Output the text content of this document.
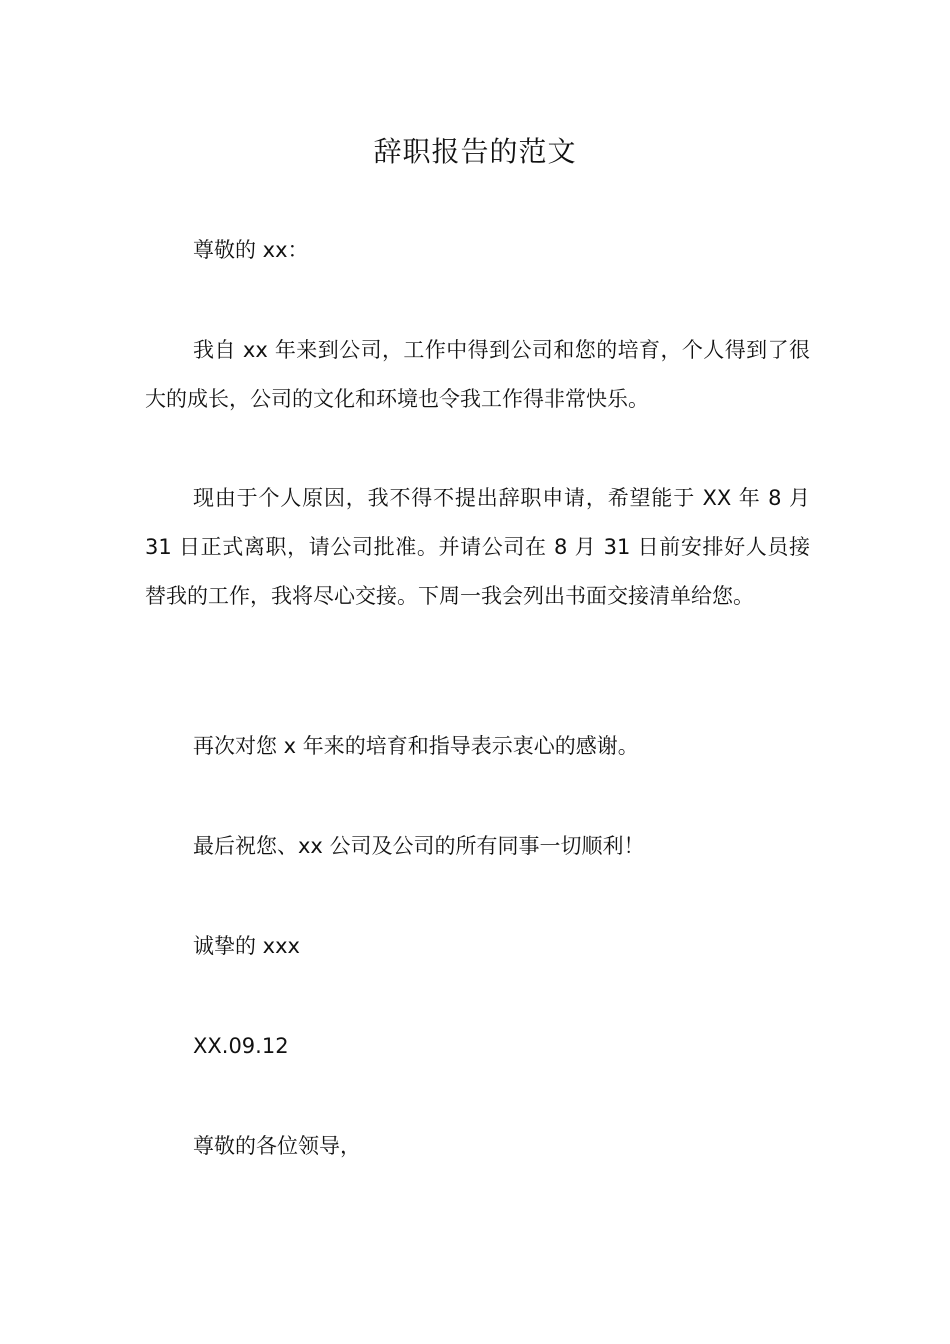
辞职报告的范文

尊敬的 xx：

我自 xx 年来到公司，工作中得到公司和您的培育，个人得到了很大的成长，公司的文化和环境也令我工作得非常快乐。

现由于个人原因，我不得不提出辞职申请，希望能于 XX 年 8 月 31 日正式离职，请公司批准。并请公司在 8 月 31 日前安排好人员接替我的工作，我将尽心交接。下周一我会列出书面交接清单给您。

再次对您 x 年来的培育和指导表示衷心的感谢。

最后祝您、xx 公司及公司的所有同事一切顺利！

诚挚的 xxx

XX.09.12

尊敬的各位领导，
